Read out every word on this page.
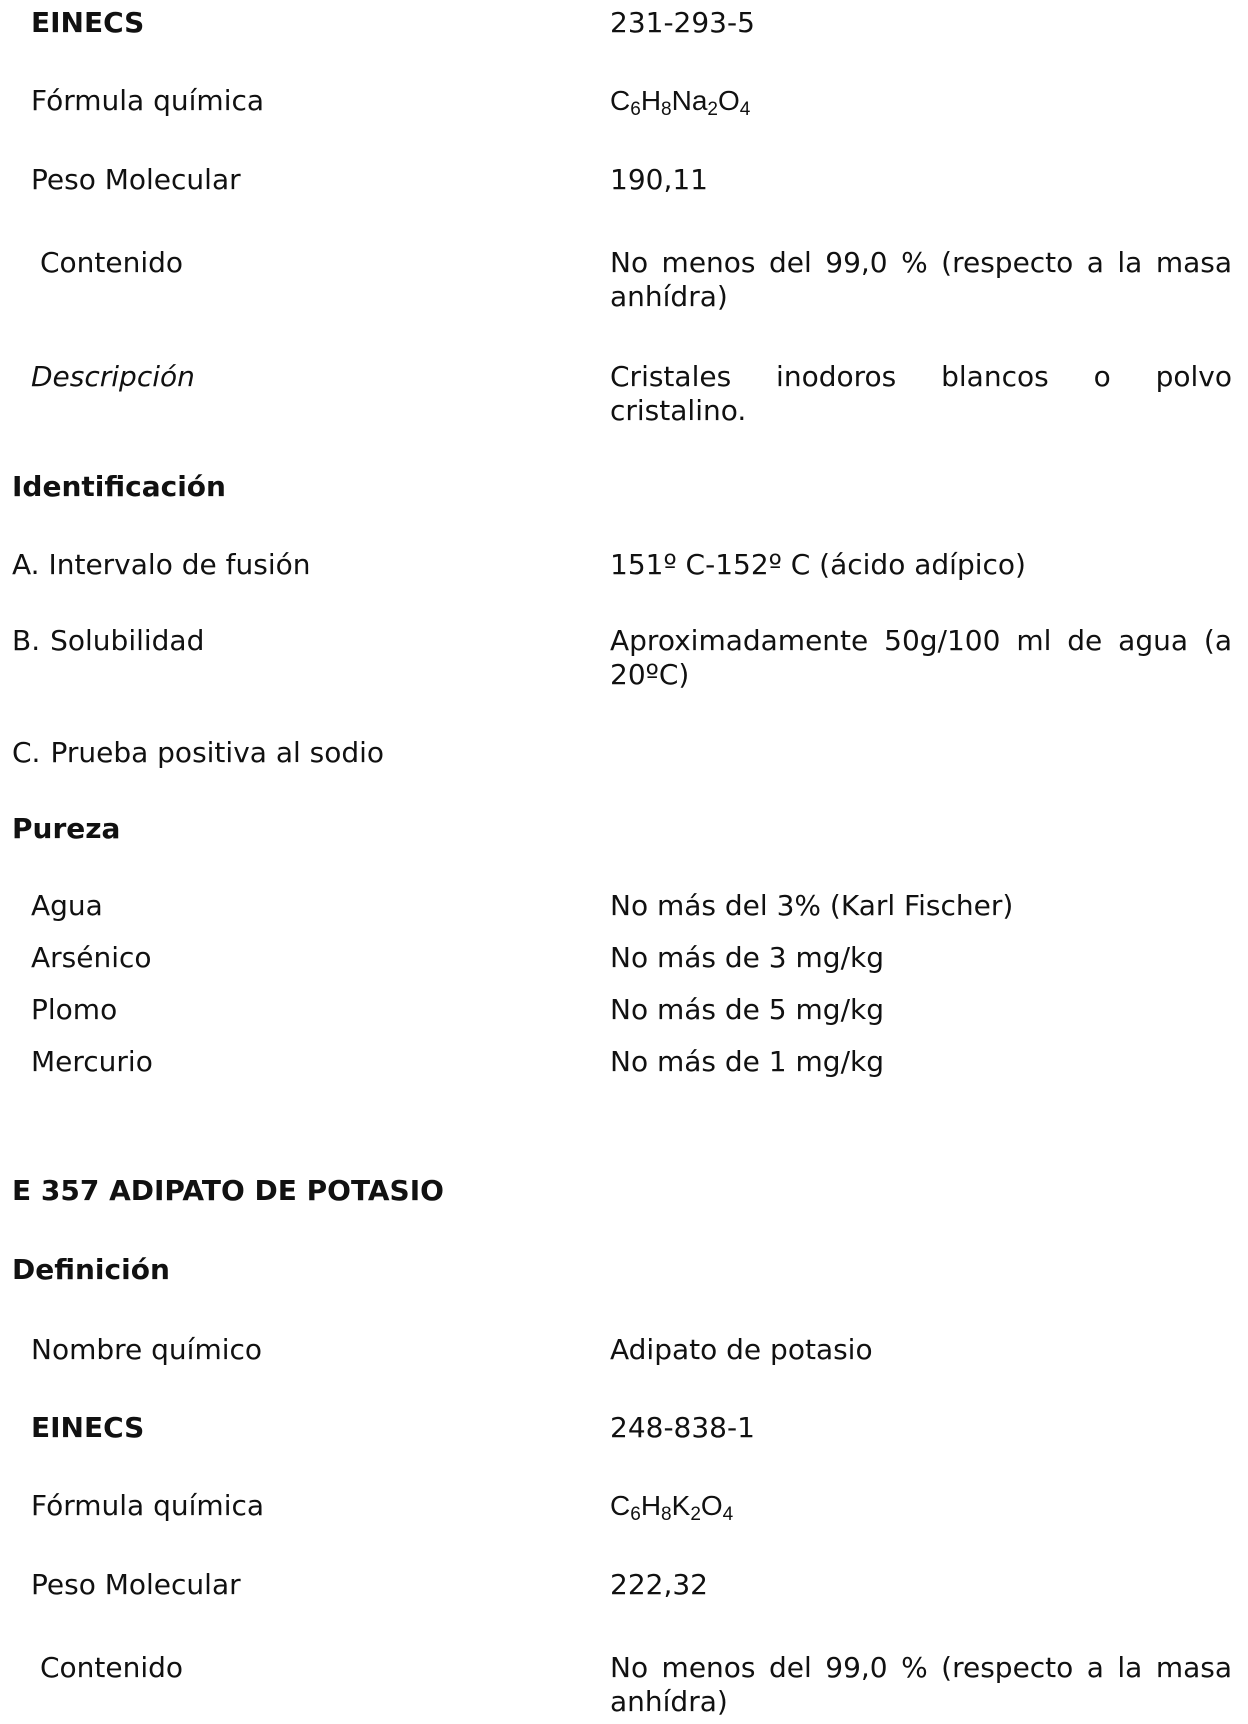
EINECS	231-293-5
Fórmula química	C6H8Na2O4
Peso Molecular	190,11
Contenido	No menos del 99,0 % (respecto a la masa anhídra)
Descripción	Cristales inodoros blancos o polvo cristalino.
Identificación
A. Intervalo de fusión	151º C-152º C (ácido adípico)
B. Solubilidad	Aproximadamente 50g/100 ml de agua (a 20ºC)
C. Prueba positiva al sodio
Pureza
Agua	No más del 3% (Karl Fischer)
Arsénico	No más de 3 mg/kg
Plomo	No más de 5 mg/kg
Mercurio	No más de 1 mg/kg
E 357 ADIPATO DE POTASIO
Definición
Nombre químico	Adipato de potasio
EINECS	248-838-1
Fórmula química	C6H8K2O4
Peso Molecular	222,32
Contenido	No menos del 99,0 % (respecto a la masa anhídra)
